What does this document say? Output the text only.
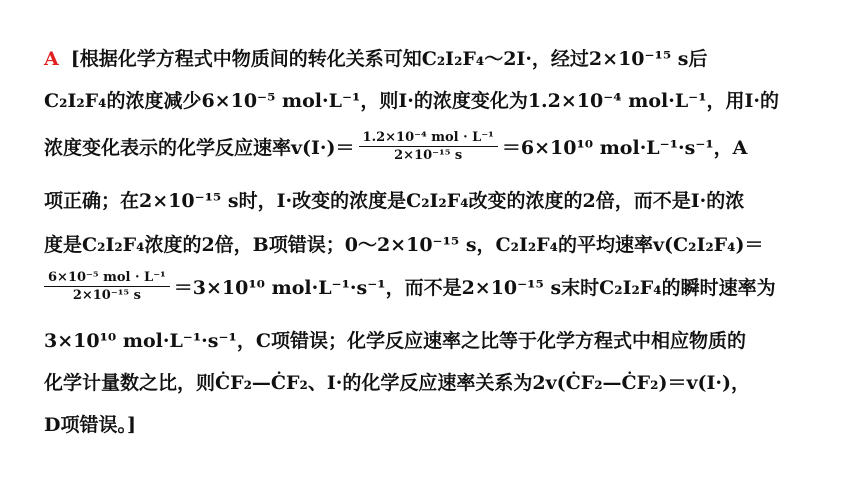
A [根据化学方程式中物质间的转化关系可知C₂I₂F₄～2I·，经过2×10⁻¹⁵ s后
C₂I₂F₄的浓度减少6×10⁻⁵ mol·L⁻¹，则I·的浓度变化为1.2×10⁻⁴ mol·L⁻¹，用I·的
浓度变化表示的化学反应速率$v(I\cdot)= \frac{\text{1.2×10⁻⁴ mol · L⁻¹}}{\text{2×10⁻¹⁵ s}} =6\times 10^{10}$ mol·L⁻¹·s⁻¹，A
项正确；在2×10⁻¹⁵ s时，I·改变的浓度是C₂I₂F₄改变的浓度的2倍，而不是I·的浓
度是C₂I₂F₄浓度的2倍，B项错误；0～2×10⁻¹⁵ s，C₂I₂F₄的平均速率v(C₂I₂F₄)＝
$\frac{\text{6×10⁻⁵ mol · L⁻¹}}{\text{2×10⁻¹⁵ s}} =3\times 10^{10}$ mol·L⁻¹·s⁻¹，而不是2×10⁻¹⁵ s末时C₂I₂F₄的瞬时速率为
3×10¹⁰ mol·L⁻¹·s⁻¹，C项错误；化学反应速率之比等于化学方程式中相应物质的
化学计量数之比，则ĊF₂—ĊF₂、I·的化学反应速率关系为2v(ĊF₂—ĊF₂)＝v(I·)，
D项错误。]
